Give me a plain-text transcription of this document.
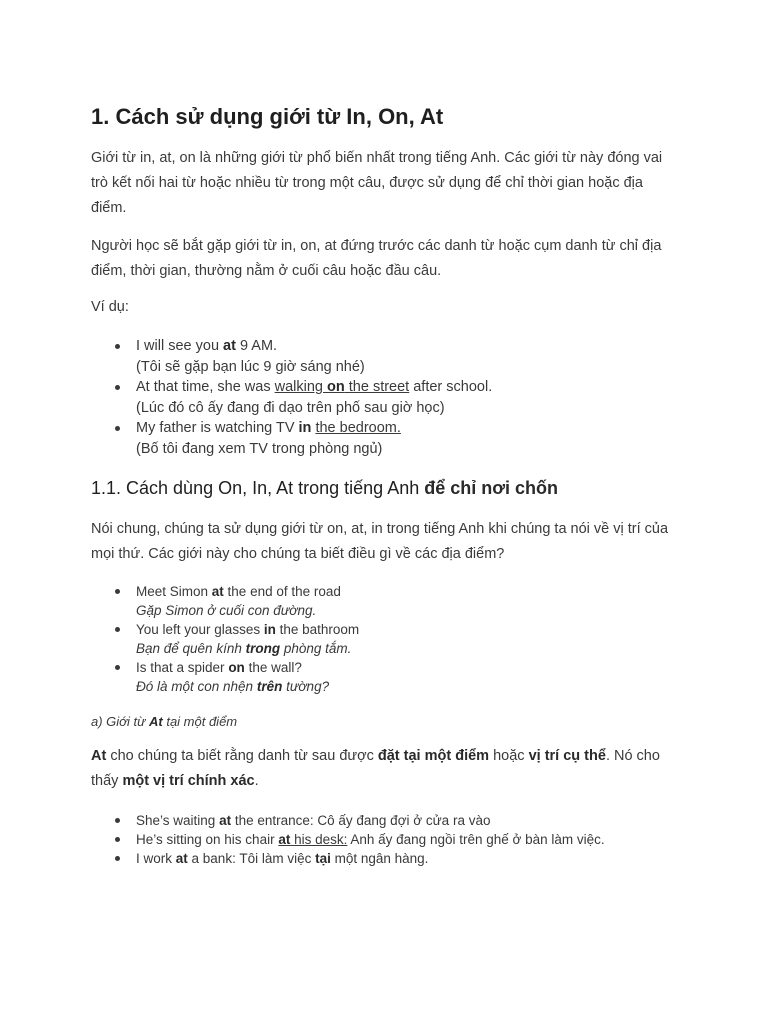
1. Cách sử dụng giới từ In, On, At

Giới từ in, at, on là những giới từ phổ biến nhất trong tiếng Anh. Các giới từ này đóng vai trò kết nối hai từ hoặc nhiều từ trong một câu, được sử dụng để chỉ thời gian hoặc địa điểm.

Người học sẽ bắt gặp giới từ in, on, at đứng trước các danh từ hoặc cụm danh từ chỉ địa điểm, thời gian, thường nằm ở cuối câu hoặc đầu câu.

Ví dụ:

I will see you at 9 AM.
(Tôi sẽ gặp bạn lúc 9 giờ sáng nhé)
At that time, she was walking on the street after school.
(Lúc đó cô ấy đang đi dạo trên phố sau giờ học)
My father is watching TV in the bedroom.
(Bố tôi đang xem TV trong phòng ngủ)
1.1. Cách dùng On, In, At trong tiếng Anh để chỉ nơi chốn

Nói chung, chúng ta sử dụng giới từ on, at, in trong tiếng Anh khi chúng ta nói về vị trí của mọi thứ. Các giới này cho chúng ta biết điều gì về các địa điểm?

Meet Simon at the end of the road
Gặp Simon ở cuối con đường.
You left your glasses in the bathroom
Bạn để quên kính trong phòng tắm.
Is that a spider on the wall?
Đó là một con nhện trên tường?

a) Giới từ At tại một điểm

At cho chúng ta biết rằng danh từ sau được đặt tại một điểm hoặc vị trí cụ thể. Nó cho thấy một vị trí chính xác.

She’s waiting at the entrance: Cô ấy đang đợi ở cửa ra vào
He’s sitting on his chair at his desk: Anh ấy đang ngồi trên ghế ở bàn làm việc.
I work at a bank: Tôi làm việc tại một ngân hàng.
